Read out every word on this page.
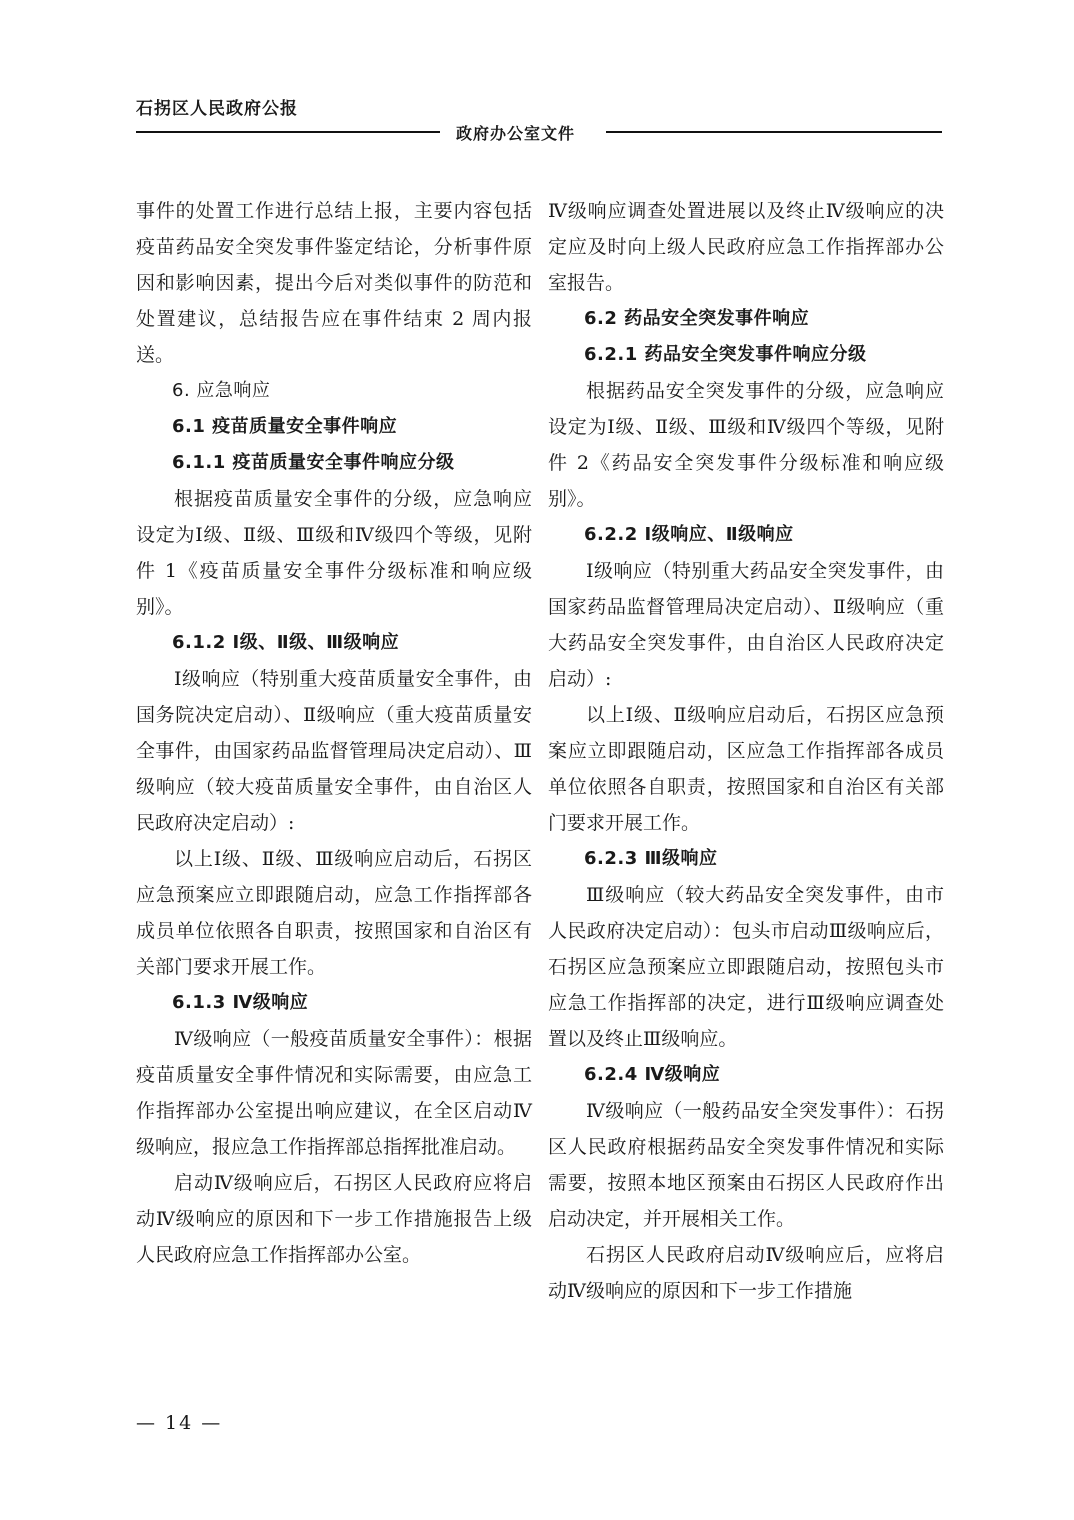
石拐区人民政府公报
政府办公室文件
事件的处置工作进行总结上报，主要内容包括疫苗药品安全突发事件鉴定结论，分析事件原因和影响因素，提出今后对类似事件的防范和处置建议，总结报告应在事件结束 2 周内报送。
6. 应急响应
6.1 疫苗质量安全事件响应
6.1.1 疫苗质量安全事件响应分级
根据疫苗质量安全事件的分级，应急响应设定为Ⅰ级、Ⅱ级、Ⅲ级和Ⅳ级四个等级，见附件 1《疫苗质量安全事件分级标准和响应级别》。
6.1.2 Ⅰ级、Ⅱ级、Ⅲ级响应
Ⅰ级响应（特别重大疫苗质量安全事件，由国务院决定启动）、Ⅱ级响应（重大疫苗质量安全事件，由国家药品监督管理局决定启动）、Ⅲ级响应（较大疫苗质量安全事件，由自治区人民政府决定启动）:
以上Ⅰ级、Ⅱ级、Ⅲ级响应启动后，石拐区应急预案应立即跟随启动，应急工作指挥部各成员单位依照各自职责，按照国家和自治区有关部门要求开展工作。
6.1.3 Ⅳ级响应
Ⅳ级响应（一般疫苗质量安全事件）：根据疫苗质量安全事件情况和实际需要，由应急工作指挥部办公室提出响应建议，在全区启动Ⅳ级响应，报应急工作指挥部总指挥批准启动。
启动Ⅳ级响应后，石拐区人民政府应将启动Ⅳ级响应的原因和下一步工作措施报告上级人民政府应急工作指挥部办公室。
Ⅳ级响应调查处置进展以及终止Ⅳ级响应的决定应及时向上级人民政府应急工作指挥部办公室报告。
6.2 药品安全突发事件响应
6.2.1 药品安全突发事件响应分级
根据药品安全突发事件的分级，应急响应设定为Ⅰ级、Ⅱ级、Ⅲ级和Ⅳ级四个等级，见附件 2《药品安全突发事件分级标准和响应级别》。
6.2.2 Ⅰ级响应、Ⅱ级响应
Ⅰ级响应（特别重大药品安全突发事件，由国家药品监督管理局决定启动）、Ⅱ级响应（重大药品安全突发事件，由自治区人民政府决定启动）:
以上Ⅰ级、Ⅱ级响应启动后，石拐区应急预案应立即跟随启动，区应急工作指挥部各成员单位依照各自职责，按照国家和自治区有关部门要求开展工作。
6.2.3 Ⅲ级响应
Ⅲ级响应（较大药品安全突发事件，由市人民政府决定启动）：包头市启动Ⅲ级响应后，石拐区应急预案应立即跟随启动，按照包头市应急工作指挥部的决定，进行Ⅲ级响应调查处置以及终止Ⅲ级响应。
6.2.4 Ⅳ级响应
Ⅳ级响应（一般药品安全突发事件）：石拐区人民政府根据药品安全突发事件情况和实际需要，按照本地区预案由石拐区人民政府作出启动决定，并开展相关工作。
石拐区人民政府启动Ⅳ级响应后，应将启动Ⅳ级响应的原因和下一步工作措施
— 14 —
